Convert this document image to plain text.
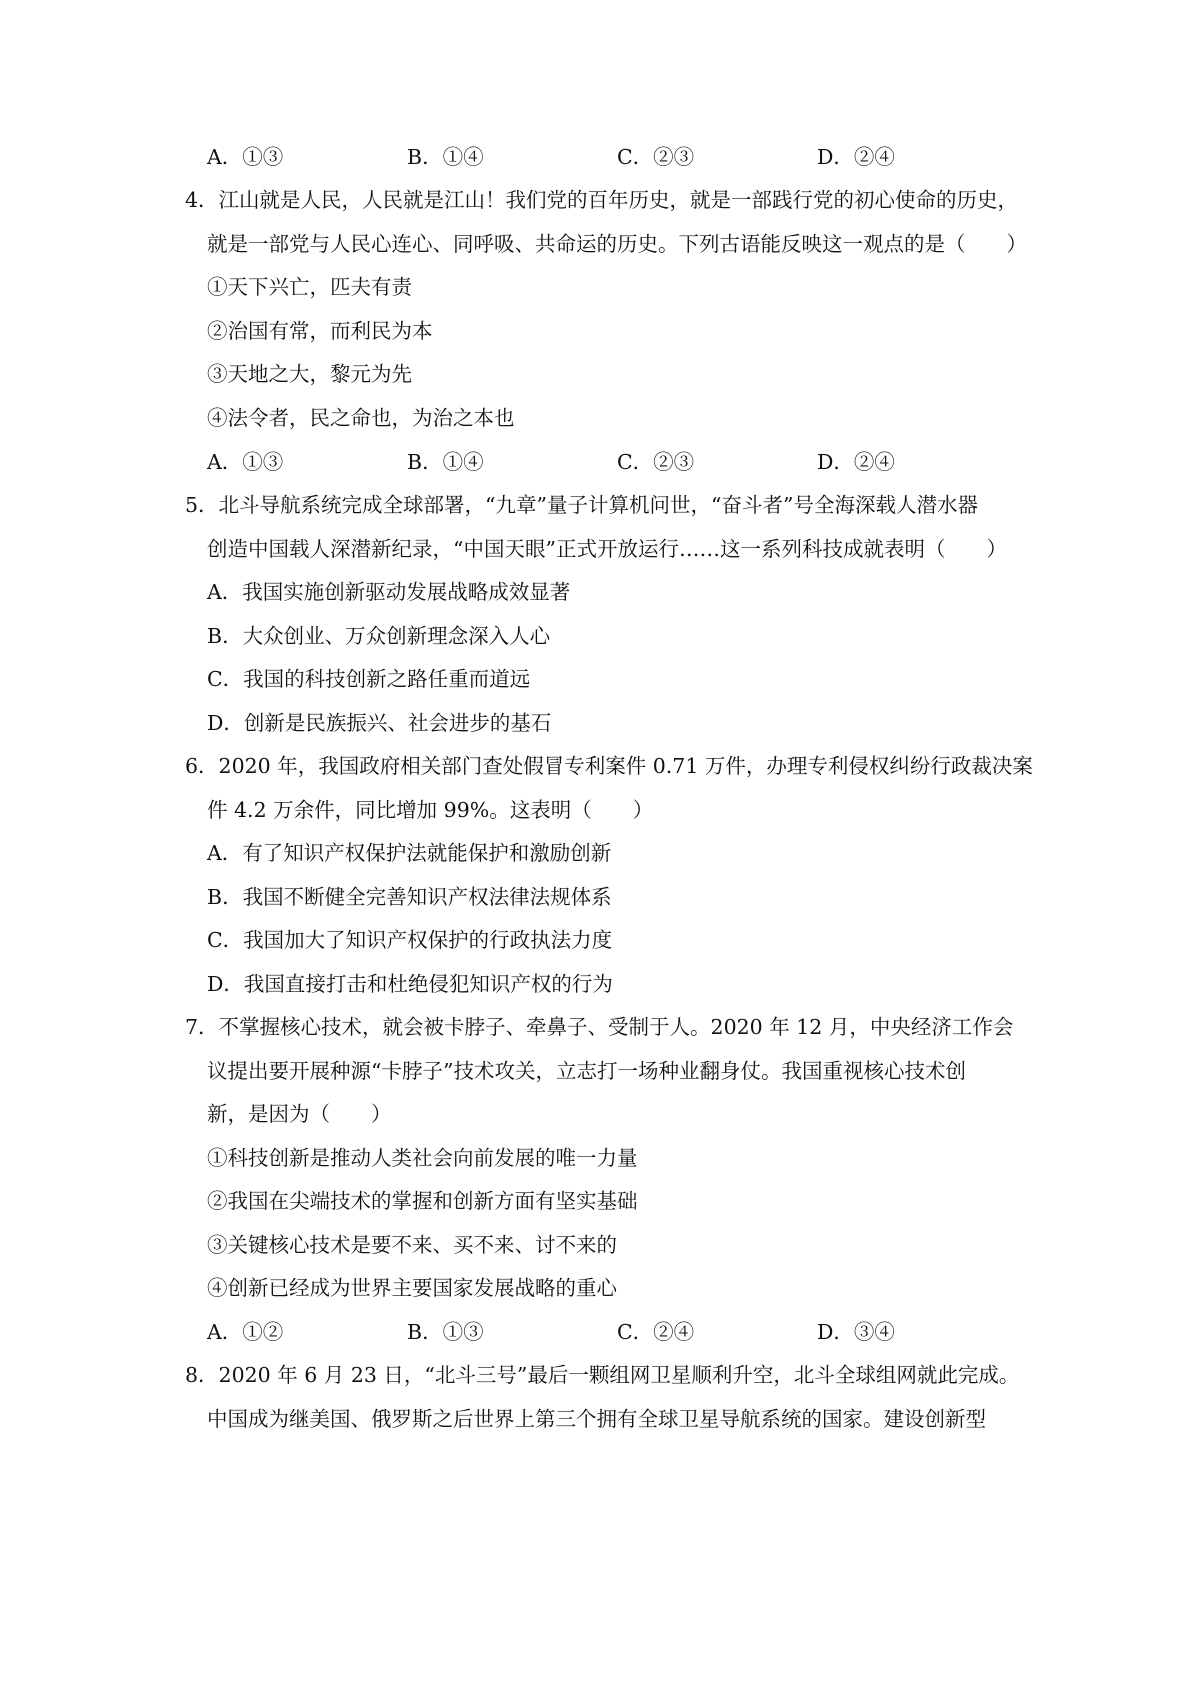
A．①③	B．①④	C．②③	D．②④
4．江山就是人民，人民就是江山！我们党的百年历史，就是一部践行党的初心使命的历史，
就是一部党与人民心连心、同呼吸、共命运的历史。下列古语能反映这一观点的是（　　）
①天下兴亡，匹夫有责
②治国有常，而利民为本
③天地之大，黎元为先
④法令者，民之命也，为治之本也
A．①③	B．①④	C．②③	D．②④
5．北斗导航系统完成全球部署，“九章”量子计算机问世，“奋斗者”号全海深载人潜水器
创造中国载人深潜新纪录，“中国天眼”正式开放运行……这一系列科技成就表明（　　）
A．我国实施创新驱动发展战略成效显著
B．大众创业、万众创新理念深入人心
C．我国的科技创新之路任重而道远
D．创新是民族振兴、社会进步的基石
6．2020 年，我国政府相关部门查处假冒专利案件 0.71 万件，办理专利侵权纠纷行政裁决案
件 4.2 万余件，同比增加 99%。这表明（　　）
A．有了知识产权保护法就能保护和激励创新
B．我国不断健全完善知识产权法律法规体系
C．我国加大了知识产权保护的行政执法力度
D．我国直接打击和杜绝侵犯知识产权的行为
7．不掌握核心技术，就会被卡脖子、牵鼻子、受制于人。2020 年 12 月，中央经济工作会
议提出要开展种源“卡脖子”技术攻关，立志打一场种业翻身仗。我国重视核心技术创
新，是因为（　　）
①科技创新是推动人类社会向前发展的唯一力量
②我国在尖端技术的掌握和创新方面有坚实基础
③关键核心技术是要不来、买不来、讨不来的
④创新已经成为世界主要国家发展战略的重心
A．①②	B．①③	C．②④	D．③④
8．2020 年 6 月 23 日，“北斗三号”最后一颗组网卫星顺利升空，北斗全球组网就此完成。
中国成为继美国、俄罗斯之后世界上第三个拥有全球卫星导航系统的国家。建设创新型
